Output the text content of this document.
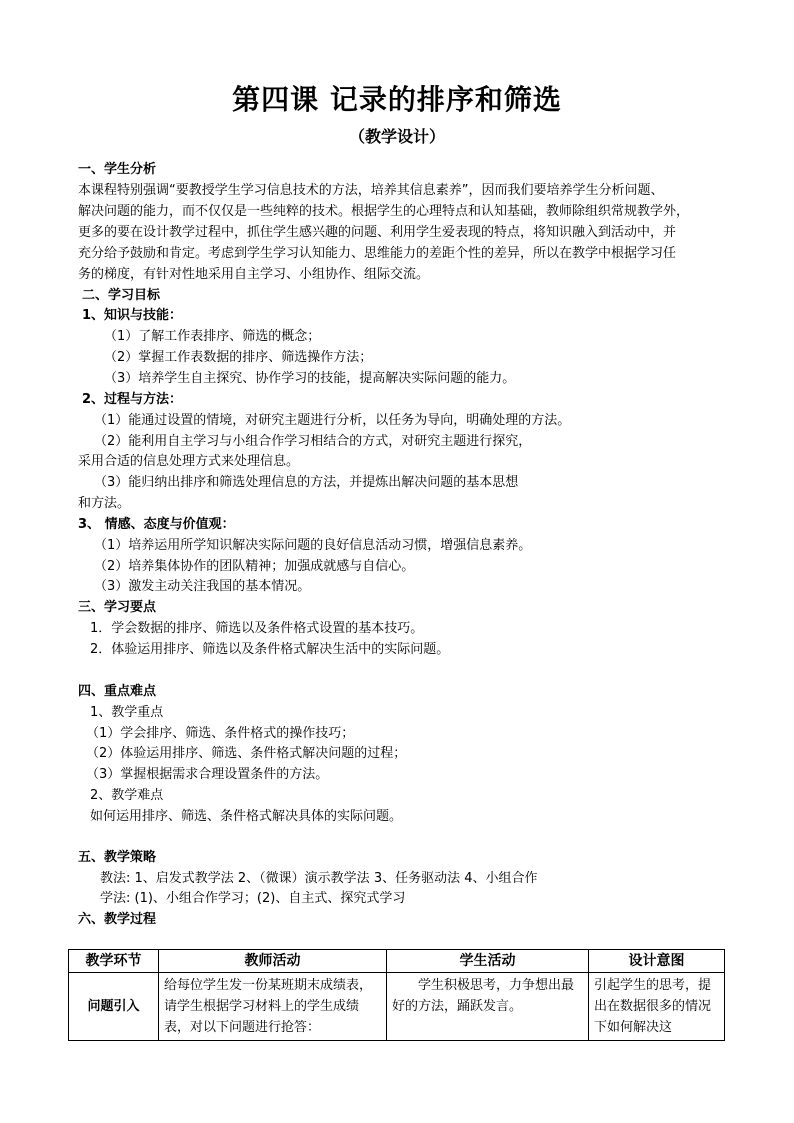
第四课 记录的排序和筛选
（教学设计）
一、学生分析
本课程特别强调“要教授学生学习信息技术的方法，培养其信息素养”，因而我们要培养学生分析问题、
解决问题的能力，而不仅仅是一些纯粹的技术。根据学生的心理特点和认知基础，教师除组织常规教学外，
更多的要在设计教学过程中，抓住学生感兴趣的问题、利用学生爱表现的特点，将知识融入到活动中，并
充分给予鼓励和肯定。考虑到学生学习认知能力、思维能力的差距个性的差异，所以在教学中根据学习任
务的梯度，有针对性地采用自主学习、小组协作、组际交流。
二、学习目标
1、知识与技能：
（1）了解工作表排序、筛选的概念；
（2）掌握工作表数据的排序、筛选操作方法；
（3）培养学生自主探究、协作学习的技能，提高解决实际问题的能力。
2、过程与方法：
（1）能通过设置的情境，对研究主题进行分析，以任务为导向，明确处理的方法。
（2）能利用自主学习与小组合作学习相结合的方式，对研究主题进行探究，
采用合适的信息处理方式来处理信息。
（3）能归纳出排序和筛选处理信息的方法，并提炼出解决问题的基本思想
和方法。
3、 情感、态度与价值观：
（1）培养运用所学知识解决实际问题的良好信息活动习惯，增强信息素养。
（2）培养集体协作的团队精神；加强成就感与自信心。
（3）激发主动关注我国的基本情况。
三、学习要点
1．学会数据的排序、筛选以及条件格式设置的基本技巧。
2．体验运用排序、筛选以及条件格式解决生活中的实际问题。
四、重点难点
1、教学重点
（1）学会排序、筛选、条件格式的操作技巧；
（2）体验运用排序、筛选、条件格式解决问题的过程；
（3）掌握根据需求合理设置条件的方法。
2、教学难点
如何运用排序、筛选、条件格式解决具体的实际问题。
五、教学策略
教法: 1、启发式教学法 2、（微课）演示教学法 3、任务驱动法 4、小组合作
学法: (1)、小组合作学习；(2)、自主式、探究式学习
六、教学过程
教学环节	教师活动	学生活动	设计意图
问题引入	给每位学生发一份某班期末成绩表，请学生根据学习材料上的学生成绩表，对以下问题进行抢答：	　　学生积极思考，力争想出最好的方法，踊跃发言。	引起学生的思考，提出在数据很多的情况下如何解决这
